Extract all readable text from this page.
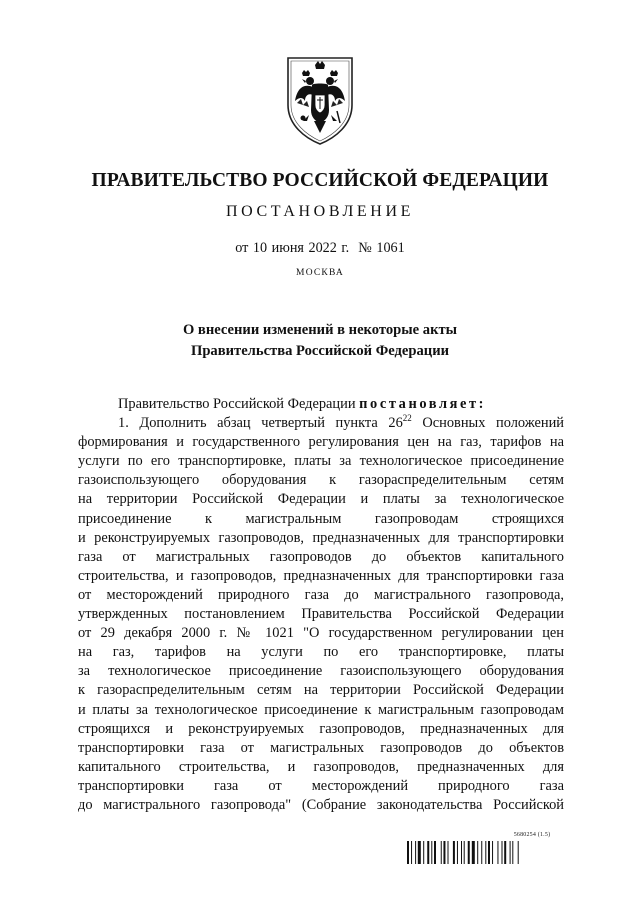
ПРАВИТЕЛЬСТВО РОССИЙСКОЙ ФЕДЕРАЦИИ
ПОСТАНОВЛЕНИЕ
от 10 июня 2022 г.  № 1061
МОСКВА
О внесении изменений в некоторые акты
Правительства Российской Федерации
Правительство Российской Федерации постановляет:
1. Дополнить абзац четвертый пункта $26^{22}$ Основных положений
формирования и государственного регулирования цен на газ, тарифов на
услуги по его транспортировке, платы за технологическое присоединение
газоиспользующего оборудования к газораспределительным сетям
на территории Российской Федерации и платы за технологическое
присоединение к магистральным газопроводам строящихся
и реконструируемых газопроводов, предназначенных для транспортировки
газа от магистральных газопроводов до объектов капитального
строительства, и газопроводов, предназначенных для транспортировки газа
от месторождений природного газа до магистрального газопровода,
утвержденных постановлением Правительства Российской Федерации
от 29 декабря 2000 г. № 1021 "О государственном регулировании цен
на газ, тарифов на услуги по его транспортировке, платы
за технологическое присоединение газоиспользующего оборудования
к газораспределительным сетям на территории Российской Федерации
и платы за технологическое присоединение к магистральным газопроводам
строящихся и реконструируемых газопроводов, предназначенных для
транспортировки газа от магистральных газопроводов до объектов
капитального строительства, и газопроводов, предназначенных для
транспортировки газа от месторождений природного газа
до магистрального газопровода" (Собрание законодательства Российской
5680254 (1.5)
